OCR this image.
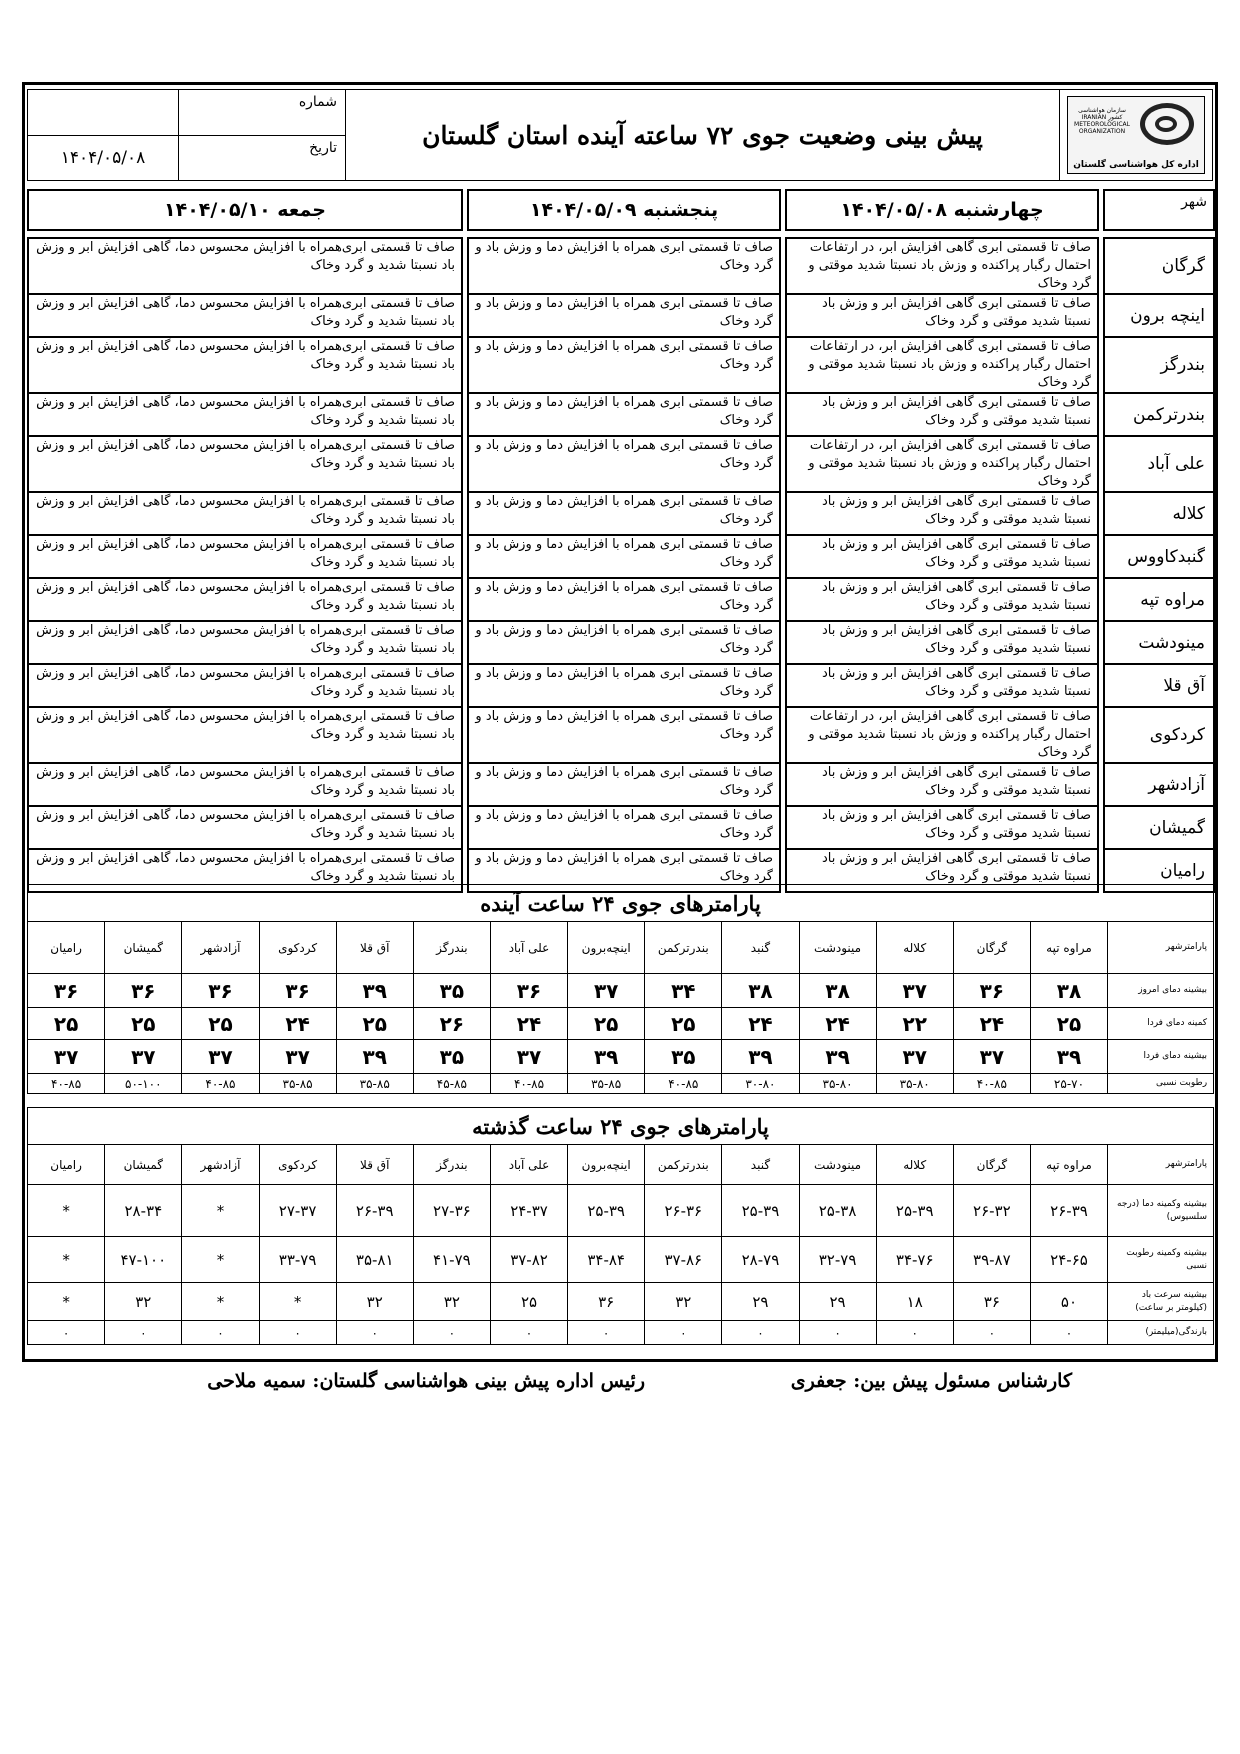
سازمان هواشناسی کشور IRANIAN METEOROLOGICAL ORGANIZATION
اداره کل هواشناسی گلستان	پیش بینی وضعیت جوی ۷۲ ساعته آینده استان گلستان	شماره	
		تاریخ	۱۴۰۴/۰۵/۰۸
شهر		چهارشنبه ۱۴۰۴/۰۵/۰۸		پنجشنبه ۱۴۰۴/۰۵/۰۹		جمعه ۱۴۰۴/۰۵/۱۰

گرگان		صاف تا قسمتی ابری گاهی افزایش ابر، در ارتفاعات احتمال رگبار پراکنده و وزش باد نسبتا شدید موقتی و گرد وخاک		صاف تا قسمتی ابری همراه با افزایش دما و وزش باد و گرد وخاک		صاف تا قسمتی ابری‌همراه با افزایش محسوس دما، گاهی افزایش ابر و وزش باد نسبتا شدید و گرد وخاک
اینچه برون		صاف تا قسمتی ابری گاهی افزایش ابر و وزش باد نسبتا شدید موقتی و گرد وخاک		صاف تا قسمتی ابری همراه با افزایش دما و وزش باد و گرد وخاک		صاف تا قسمتی ابری‌همراه با افزایش محسوس دما، گاهی افزایش ابر و وزش باد نسبتا شدید و گرد وخاک
بندرگز		صاف تا قسمتی ابری گاهی افزایش ابر، در ارتفاعات احتمال رگبار پراکنده و وزش باد نسبتا شدید موقتی و گرد وخاک		صاف تا قسمتی ابری همراه با افزایش دما و وزش باد و گرد وخاک		صاف تا قسمتی ابری‌همراه با افزایش محسوس دما، گاهی افزایش ابر و وزش باد نسبتا شدید و گرد وخاک
بندرترکمن		صاف تا قسمتی ابری گاهی افزایش ابر و وزش باد نسبتا شدید موقتی و گرد وخاک		صاف تا قسمتی ابری همراه با افزایش دما و وزش باد و گرد وخاک		صاف تا قسمتی ابری‌همراه با افزایش محسوس دما، گاهی افزایش ابر و وزش باد نسبتا شدید و گرد وخاک
علی آباد		صاف تا قسمتی ابری گاهی افزایش ابر، در ارتفاعات احتمال رگبار پراکنده و وزش باد نسبتا شدید موقتی و گرد وخاک		صاف تا قسمتی ابری همراه با افزایش دما و وزش باد و گرد وخاک		صاف تا قسمتی ابری‌همراه با افزایش محسوس دما، گاهی افزایش ابر و وزش باد نسبتا شدید و گرد وخاک
کلاله		صاف تا قسمتی ابری گاهی افزایش ابر و وزش باد نسبتا شدید موقتی و گرد وخاک		صاف تا قسمتی ابری همراه با افزایش دما و وزش باد و گرد وخاک		صاف تا قسمتی ابری‌همراه با افزایش محسوس دما، گاهی افزایش ابر و وزش باد نسبتا شدید و گرد وخاک
گنبدکاووس		صاف تا قسمتی ابری گاهی افزایش ابر و وزش باد نسبتا شدید موقتی و گرد وخاک		صاف تا قسمتی ابری همراه با افزایش دما و وزش باد و گرد وخاک		صاف تا قسمتی ابری‌همراه با افزایش محسوس دما، گاهی افزایش ابر و وزش باد نسبتا شدید و گرد وخاک
مراوه تپه		صاف تا قسمتی ابری گاهی افزایش ابر و وزش باد نسبتا شدید موقتی و گرد وخاک		صاف تا قسمتی ابری همراه با افزایش دما و وزش باد و گرد وخاک		صاف تا قسمتی ابری‌همراه با افزایش محسوس دما، گاهی افزایش ابر و وزش باد نسبتا شدید و گرد وخاک
مینودشت		صاف تا قسمتی ابری گاهی افزایش ابر و وزش باد نسبتا شدید موقتی و گرد وخاک		صاف تا قسمتی ابری همراه با افزایش دما و وزش باد و گرد وخاک		صاف تا قسمتی ابری‌همراه با افزایش محسوس دما، گاهی افزایش ابر و وزش باد نسبتا شدید و گرد وخاک
آق قلا		صاف تا قسمتی ابری گاهی افزایش ابر و وزش باد نسبتا شدید موقتی و گرد وخاک		صاف تا قسمتی ابری همراه با افزایش دما و وزش باد و گرد وخاک		صاف تا قسمتی ابری‌همراه با افزایش محسوس دما، گاهی افزایش ابر و وزش باد نسبتا شدید و گرد وخاک
کردکوی		صاف تا قسمتی ابری گاهی افزایش ابر، در ارتفاعات احتمال رگبار پراکنده و وزش باد نسبتا شدید موقتی و گرد وخاک		صاف تا قسمتی ابری همراه با افزایش دما و وزش باد و گرد وخاک		صاف تا قسمتی ابری‌همراه با افزایش محسوس دما، گاهی افزایش ابر و وزش باد نسبتا شدید و گرد وخاک
آزادشهر		صاف تا قسمتی ابری گاهی افزایش ابر و وزش باد نسبتا شدید موقتی و گرد وخاک		صاف تا قسمتی ابری همراه با افزایش دما و وزش باد و گرد وخاک		صاف تا قسمتی ابری‌همراه با افزایش محسوس دما، گاهی افزایش ابر و وزش باد نسبتا شدید و گرد وخاک
گمیشان		صاف تا قسمتی ابری گاهی افزایش ابر و وزش باد نسبتا شدید موقتی و گرد وخاک		صاف تا قسمتی ابری همراه با افزایش دما و وزش باد و گرد وخاک		صاف تا قسمتی ابری‌همراه با افزایش محسوس دما، گاهی افزایش ابر و وزش باد نسبتا شدید و گرد وخاک
رامیان		صاف تا قسمتی ابری گاهی افزایش ابر و وزش باد نسبتا شدید موقتی و گرد وخاک		صاف تا قسمتی ابری همراه با افزایش دما و وزش باد و گرد وخاک		صاف تا قسمتی ابری‌همراه با افزایش محسوس دما، گاهی افزایش ابر و وزش باد نسبتا شدید و گرد وخاک
پارامترهای جوی ۲۴ ساعت آینده														
پارامترشهر	مراوه تپه	گرگان	کلاله	مینودشت	گنبد	بندرترکمن	اینچه‌برون	علی آباد	بندرگز	آق قلا	کردکوی	آزادشهر	گمیشان	رامیان
بیشینه دمای امروز	۳۸	۳۶	۳۷	۳۸	۳۸	۳۴	۳۷	۳۶	۳۵	۳۹	۳۶	۳۶	۳۶	۳۶
کمینه دمای فردا	۲۵	۲۴	۲۲	۲۴	۲۴	۲۵	۲۵	۲۴	۲۶	۲۵	۲۴	۲۵	۲۵	۲۵
بیشینه دمای فردا	۳۹	۳۷	۳۷	۳۹	۳۹	۳۵	۳۹	۳۷	۳۵	۳۹	۳۷	۳۷	۳۷	۳۷
رطوبت نسبی	۲۵-۷۰	۴۰-۸۵	۳۵-۸۰	۳۵-۸۰	۳۰-۸۰	۴۰-۸۵	۳۵-۸۵	۴۰-۸۵	۴۵-۸۵	۳۵-۸۵	۳۵-۸۵	۴۰-۸۵	۵۰-۱۰۰	۴۰-۸۵
پارامترهای جوی ۲۴ ساعت گذشته														
پارامترشهر	مراوه تپه	گرگان	کلاله	مینودشت	گنبد	بندرترکمن	اینچه‌برون	علی آباد	بندرگز	آق قلا	کردکوی	آزادشهر	گمیشان	رامیان
بیشینه وکمینه دما (درجه سلسیوس)	۲۶-۳۹	۲۶-۳۲	۲۵-۳۹	۲۵-۳۸	۲۵-۳۹	۲۶-۳۶	۲۵-۳۹	۲۴-۳۷	۲۷-۳۶	۲۶-۳۹	۲۷-۳۷	*	۲۸-۳۴	*
بیشینه وکمینه رطوبت نسبی	۲۴-۶۵	۳۹-۸۷	۳۴-۷۶	۳۲-۷۹	۲۸-۷۹	۳۷-۸۶	۳۴-۸۴	۳۷-۸۲	۴۱-۷۹	۳۵-۸۱	۳۳-۷۹	*	۴۷-۱۰۰	*
بیشینه سرعت باد (کیلومتر بر ساعت)	۵۰	۳۶	۱۸	۲۹	۲۹	۳۲	۳۶	۲۵	۳۲	۳۲	*	*	۳۲	*
بارندگی(میلیمتر)	۰	۰	۰	۰	۰	۰	۰	۰	۰	۰	۰	۰	۰	۰
کارشناس مسئول پیش بین: جعفری
رئیس اداره پیش بینی هواشناسی گلستان: سمیه ملاحی
